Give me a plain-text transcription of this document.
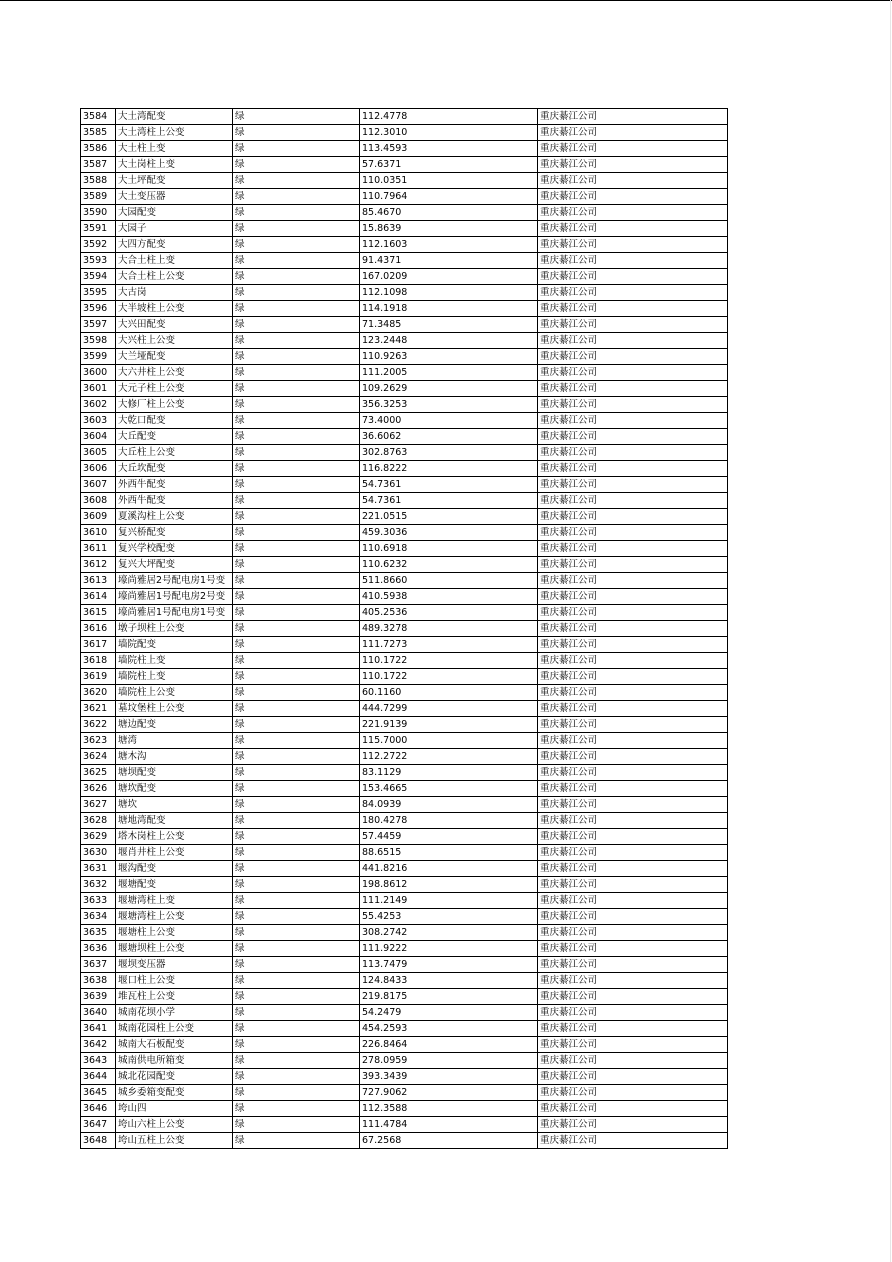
3584	大土湾配变	绿	112.4778	重庆綦江公司
3585	大土湾柱上公变	绿	112.3010	重庆綦江公司
3586	大土柱上变	绿	113.4593	重庆綦江公司
3587	大土岗柱上变	绿	57.6371	重庆綦江公司
3588	大土坪配变	绿	110.0351	重庆綦江公司
3589	大土变压器	绿	110.7964	重庆綦江公司
3590	大园配变	绿	85.4670	重庆綦江公司
3591	大园子	绿	15.8639	重庆綦江公司
3592	大四方配变	绿	112.1603	重庆綦江公司
3593	大合土柱上变	绿	91.4371	重庆綦江公司
3594	大合土柱上公变	绿	167.0209	重庆綦江公司
3595	大古岗	绿	112.1098	重庆綦江公司
3596	大半坡柱上公变	绿	114.1918	重庆綦江公司
3597	大兴田配变	绿	71.3485	重庆綦江公司
3598	大兴柱上公变	绿	123.2448	重庆綦江公司
3599	大兰垭配变	绿	110.9263	重庆綦江公司
3600	大六井柱上公变	绿	111.2005	重庆綦江公司
3601	大元子柱上公变	绿	109.2629	重庆綦江公司
3602	大修厂柱上公变	绿	356.3253	重庆綦江公司
3603	大乾口配变	绿	73.4000	重庆綦江公司
3604	大丘配变	绿	36.6062	重庆綦江公司
3605	大丘柱上公变	绿	302.8763	重庆綦江公司
3606	大丘坎配变	绿	116.8222	重庆綦江公司
3607	外西牛配变	绿	54.7361	重庆綦江公司
3608	外西牛配变	绿	54.7361	重庆綦江公司
3609	夏溪沟柱上公变	绿	221.0515	重庆綦江公司
3610	复兴桥配变	绿	459.3036	重庆綦江公司
3611	复兴学校配变	绿	110.6918	重庆綦江公司
3612	复兴大坪配变	绿	110.6232	重庆綦江公司
3613	壕尚雅居2号配电房1号变	绿	511.8660	重庆綦江公司
3614	壕尚雅居1号配电房2号变	绿	410.5938	重庆綦江公司
3615	壕尚雅居1号配电房1号变	绿	405.2536	重庆綦江公司
3616	墩子坝柱上公变	绿	489.3278	重庆綦江公司
3617	墙院配变	绿	111.7273	重庆綦江公司
3618	墙院柱上变	绿	110.1722	重庆綦江公司
3619	墙院柱上变	绿	110.1722	重庆綦江公司
3620	墙院柱上公变	绿	60.1160	重庆綦江公司
3621	墓坟堡柱上公变	绿	444.7299	重庆綦江公司
3622	塘边配变	绿	221.9139	重庆綦江公司
3623	塘湾	绿	115.7000	重庆綦江公司
3624	塘木沟	绿	112.2722	重庆綦江公司
3625	塘坝配变	绿	83.1129	重庆綦江公司
3626	塘坎配变	绿	153.4665	重庆綦江公司
3627	塘坎	绿	84.0939	重庆綦江公司
3628	塘地湾配变	绿	180.4278	重庆綦江公司
3629	塔木岗柱上公变	绿	57.4459	重庆綦江公司
3630	堰肖井柱上公变	绿	88.6515	重庆綦江公司
3631	堰沟配变	绿	441.8216	重庆綦江公司
3632	堰塘配变	绿	198.8612	重庆綦江公司
3633	堰塘湾柱上变	绿	111.2149	重庆綦江公司
3634	堰塘湾柱上公变	绿	55.4253	重庆綦江公司
3635	堰塘柱上公变	绿	308.2742	重庆綦江公司
3636	堰塘坝柱上公变	绿	111.9222	重庆綦江公司
3637	堰坝变压器	绿	113.7479	重庆綦江公司
3638	堰口柱上公变	绿	124.8433	重庆綦江公司
3639	堆瓦柱上公变	绿	219.8175	重庆綦江公司
3640	城南花坝小学	绿	54.2479	重庆綦江公司
3641	城南花园柱上公变	绿	454.2593	重庆綦江公司
3642	城南大石板配变	绿	226.8464	重庆綦江公司
3643	城南供电所箱变	绿	278.0959	重庆綦江公司
3644	城北花园配变	绿	393.3439	重庆綦江公司
3645	城乡委箱变配变	绿	727.9062	重庆綦江公司
3646	垮山四	绿	112.3588	重庆綦江公司
3647	垮山六柱上公变	绿	111.4784	重庆綦江公司
3648	垮山五柱上公变	绿	67.2568	重庆綦江公司
